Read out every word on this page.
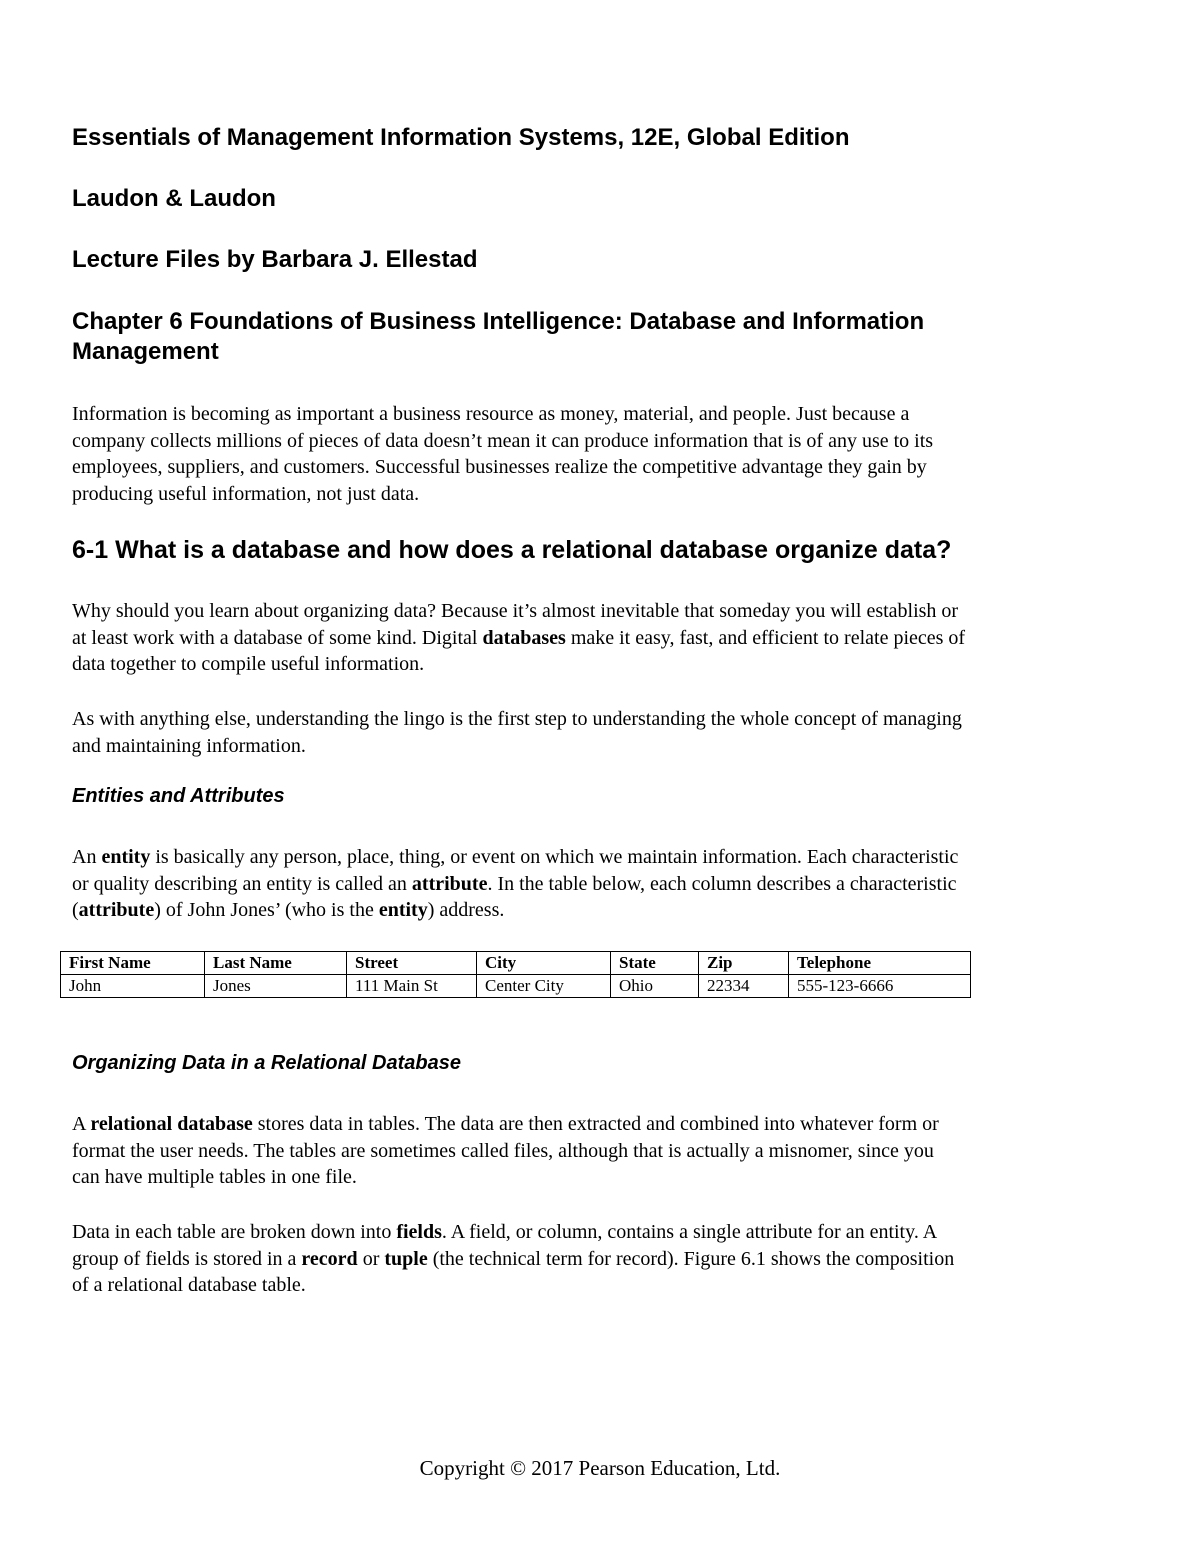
Essentials of Management Information Systems, 12E, Global Edition
Laudon & Laudon
Lecture Files by Barbara J. Ellestad
Chapter 6 Foundations of Business Intelligence: Database and Information
Management
Information is becoming as important a business resource as money, material, and people. Just because a
company collects millions of pieces of data doesn’t mean it can produce information that is of any use to its
employees, suppliers, and customers. Successful businesses realize the competitive advantage they gain by
producing useful information, not just data.
6-1 What is a database and how does a relational database organize data?
Why should you learn about organizing data? Because it’s almost inevitable that someday you will establish or
at least work with a database of some kind. Digital databases make it easy, fast, and efficient to relate pieces of
data together to compile useful information.
As with anything else, understanding the lingo is the first step to understanding the whole concept of managing
and maintaining information.
Entities and Attributes
An entity is basically any person, place, thing, or event on which we maintain information. Each characteristic
or quality describing an entity is called an attribute. In the table below, each column describes a characteristic
(attribute) of John Jones’ (who is the entity) address.
First Name	Last Name	Street	City	State	Zip	Telephone
John	Jones	111 Main St	Center City	Ohio	22334	555-123-6666
Organizing Data in a Relational Database
A relational database stores data in tables. The data are then extracted and combined into whatever form or
format the user needs. The tables are sometimes called files, although that is actually a misnomer, since you
can have multiple tables in one file.
Data in each table are broken down into fields. A field, or column, contains a single attribute for an entity. A
group of fields is stored in a record or tuple (the technical term for record). Figure 6.1 shows the composition
of a relational database table.
Copyright © 2017 Pearson Education, Ltd.
